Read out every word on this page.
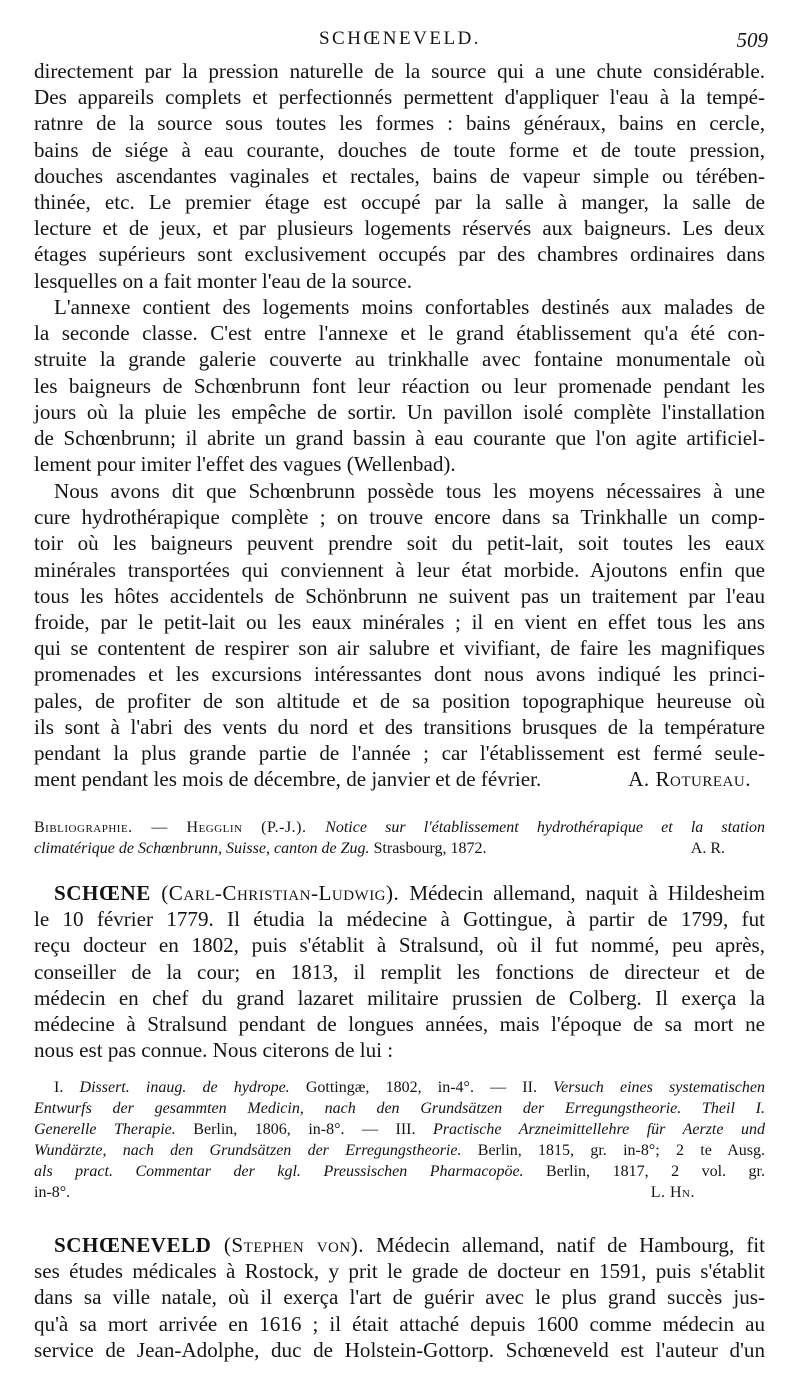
SCHŒNEVELD.	509
directement par la pression naturelle de la source qui a une chute considérable.
Des appareils complets et perfectionnés permettent d'appliquer l'eau à la tempé-
ratnre de la source sous toutes les formes : bains généraux, bains en cercle,
bains de siége à eau courante, douches de toute forme et de toute pression,
douches ascendantes vaginales et rectales, bains de vapeur simple ou térében-
thinée, etc. Le premier étage est occupé par la salle à manger, la salle de
lecture et de jeux, et par plusieurs logements réservés aux baigneurs. Les deux
étages supérieurs sont exclusivement occupés par des chambres ordinaires dans
lesquelles on a fait monter l'eau de la source.
L'annexe contient des logements moins confortables destinés aux malades de
la seconde classe. C'est entre l'annexe et le grand établissement qu'a été con-
struite la grande galerie couverte au trinkhalle avec fontaine monumentale où
les baigneurs de Schœnbrunn font leur réaction ou leur promenade pendant les
jours où la pluie les empêche de sortir. Un pavillon isolé complète l'installation
de Schœnbrunn; il abrite un grand bassin à eau courante que l'on agite artificiel-
lement pour imiter l'effet des vagues (Wellenbad).
Nous avons dit que Schœnbrunn possède tous les moyens nécessaires à une
cure hydrothérapique complète ; on trouve encore dans sa Trinkhalle un comp-
toir où les baigneurs peuvent prendre soit du petit-lait, soit toutes les eaux
minérales transportées qui conviennent à leur état morbide. Ajoutons enfin que
tous les hôtes accidentels de Schönbrunn ne suivent pas un traitement par l'eau
froide, par le petit-lait ou les eaux minérales ; il en vient en effet tous les ans
qui se contentent de respirer son air salubre et vivifiant, de faire les magnifiques
promenades et les excursions intéressantes dont nous avons indiqué les princi-
pales, de profiter de son altitude et de sa position topographique heureuse où
ils sont à l'abri des vents du nord et des transitions brusques de la température
pendant la plus grande partie de l'année ; car l'établissement est fermé seule-
ment pendant les mois de décembre, de janvier et de février.	A. Rotureau.
Bibliographie. — Hegglin (P.-J.). Notice sur l'établissement hydrothérapique et la station
climatérique de Schœnbrunn, Suisse, canton de Zug. Strasbourg, 1872.	A. R.
SCHŒNE (Carl-Christian-Ludwig). Médecin allemand, naquit à Hildesheim
le 10 février 1779. Il étudia la médecine à Gottingue, à partir de 1799, fut
reçu docteur en 1802, puis s'établit à Stralsund, où il fut nommé, peu après,
conseiller de la cour; en 1813, il remplit les fonctions de directeur et de
médecin en chef du grand lazaret militaire prussien de Colberg. Il exerça la
médecine à Stralsund pendant de longues années, mais l'époque de sa mort ne
nous est pas connue. Nous citerons de lui :
I. Dissert. inaug. de hydrope. Gottingæ, 1802, in-4°. — II. Versuch eines systematischen
Entwurfs der gesammten Medicin, nach den Grundsätzen der Erregungstheorie. Theil I.
Generelle Therapie. Berlin, 1806, in-8°. — III. Practische Arzneimittellehre für Aerzte und
Wundärzte, nach den Grundsätzen der Erregungstheorie. Berlin, 1815, gr. in-8°; 2 te Ausg.
als pract. Commentar der kgl. Preussischen Pharmacopöe. Berlin, 1817, 2 vol. gr.
in-8°.	L. Hn.
SCHŒNEVELD (Stephen von). Médecin allemand, natif de Hambourg, fit
ses études médicales à Rostock, y prit le grade de docteur en 1591, puis s'établit
dans sa ville natale, où il exerça l'art de guérir avec le plus grand succès jus-
qu'à sa mort arrivée en 1616 ; il était attaché depuis 1600 comme médecin au
service de Jean-Adolphe, duc de Holstein-Gottorp. Schœneveld est l'auteur d'un
